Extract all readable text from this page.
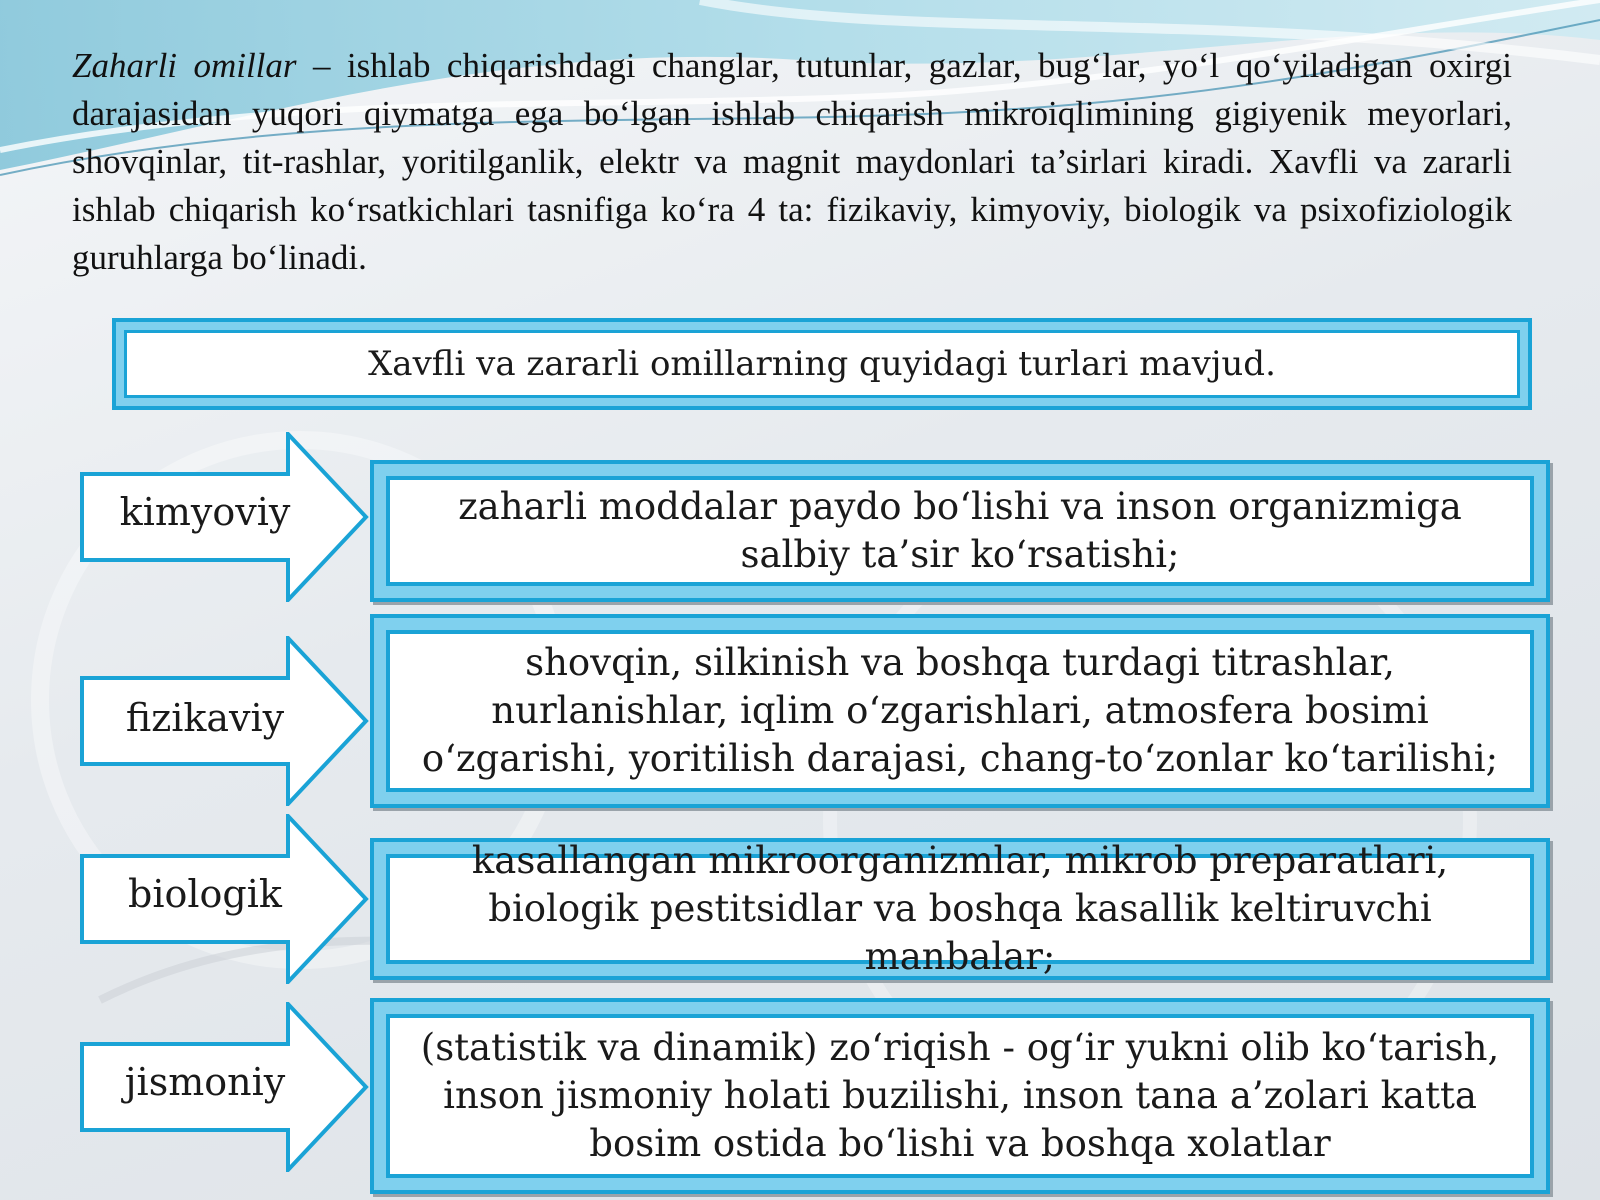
Zaharli omillar – ishlab chiqarishdagi changlar, tutunlar, gazlar, bug‘lar, yo‘l qo‘yiladigan oxirgi darajasidan yuqori qiymatga ega bo‘lgan ishlab chiqarish mikroiqlimining gigiyenik meyorlari, shovqinlar, tit-rashlar, yoritilganlik, elektr va magnit maydonlari ta’sirlari kiradi. Xavfli va zararli ishlab chiqarish ko‘rsatkichlari tasnifiga ko‘ra 4 ta: fizikaviy, kimyoviy, biologik va psixofiziologik guruhlarga bo‘linadi.
Xavfli va zararli omillarning quyidagi turlari mavjud.
kimyoviy	zaharli moddalar paydo bo‘lishi va inson organizmiga salbiy ta’sir ko‘rsatishi;
fizikaviy
shovqin, silkinish va boshqa turdagi titrashlar, nurlanishlar, iqlim o‘zgarishlari, atmosfera bosimi o‘zgarishi, yoritilish darajasi, chang-to‘zonlar ko‘tarilishi;
biologik
kasallangan mikroorganizmlar, mikrob preparatlari, biologik pestitsidlar va boshqa kasallik keltiruvchi manbalar;
jismoniy
(statistik va dinamik) zo‘riqish - og‘ir yukni olib ko‘tarish, inson jismoniy holati buzilishi, inson tana a’zolari katta bosim ostida bo‘lishi va boshqa xolatlar
